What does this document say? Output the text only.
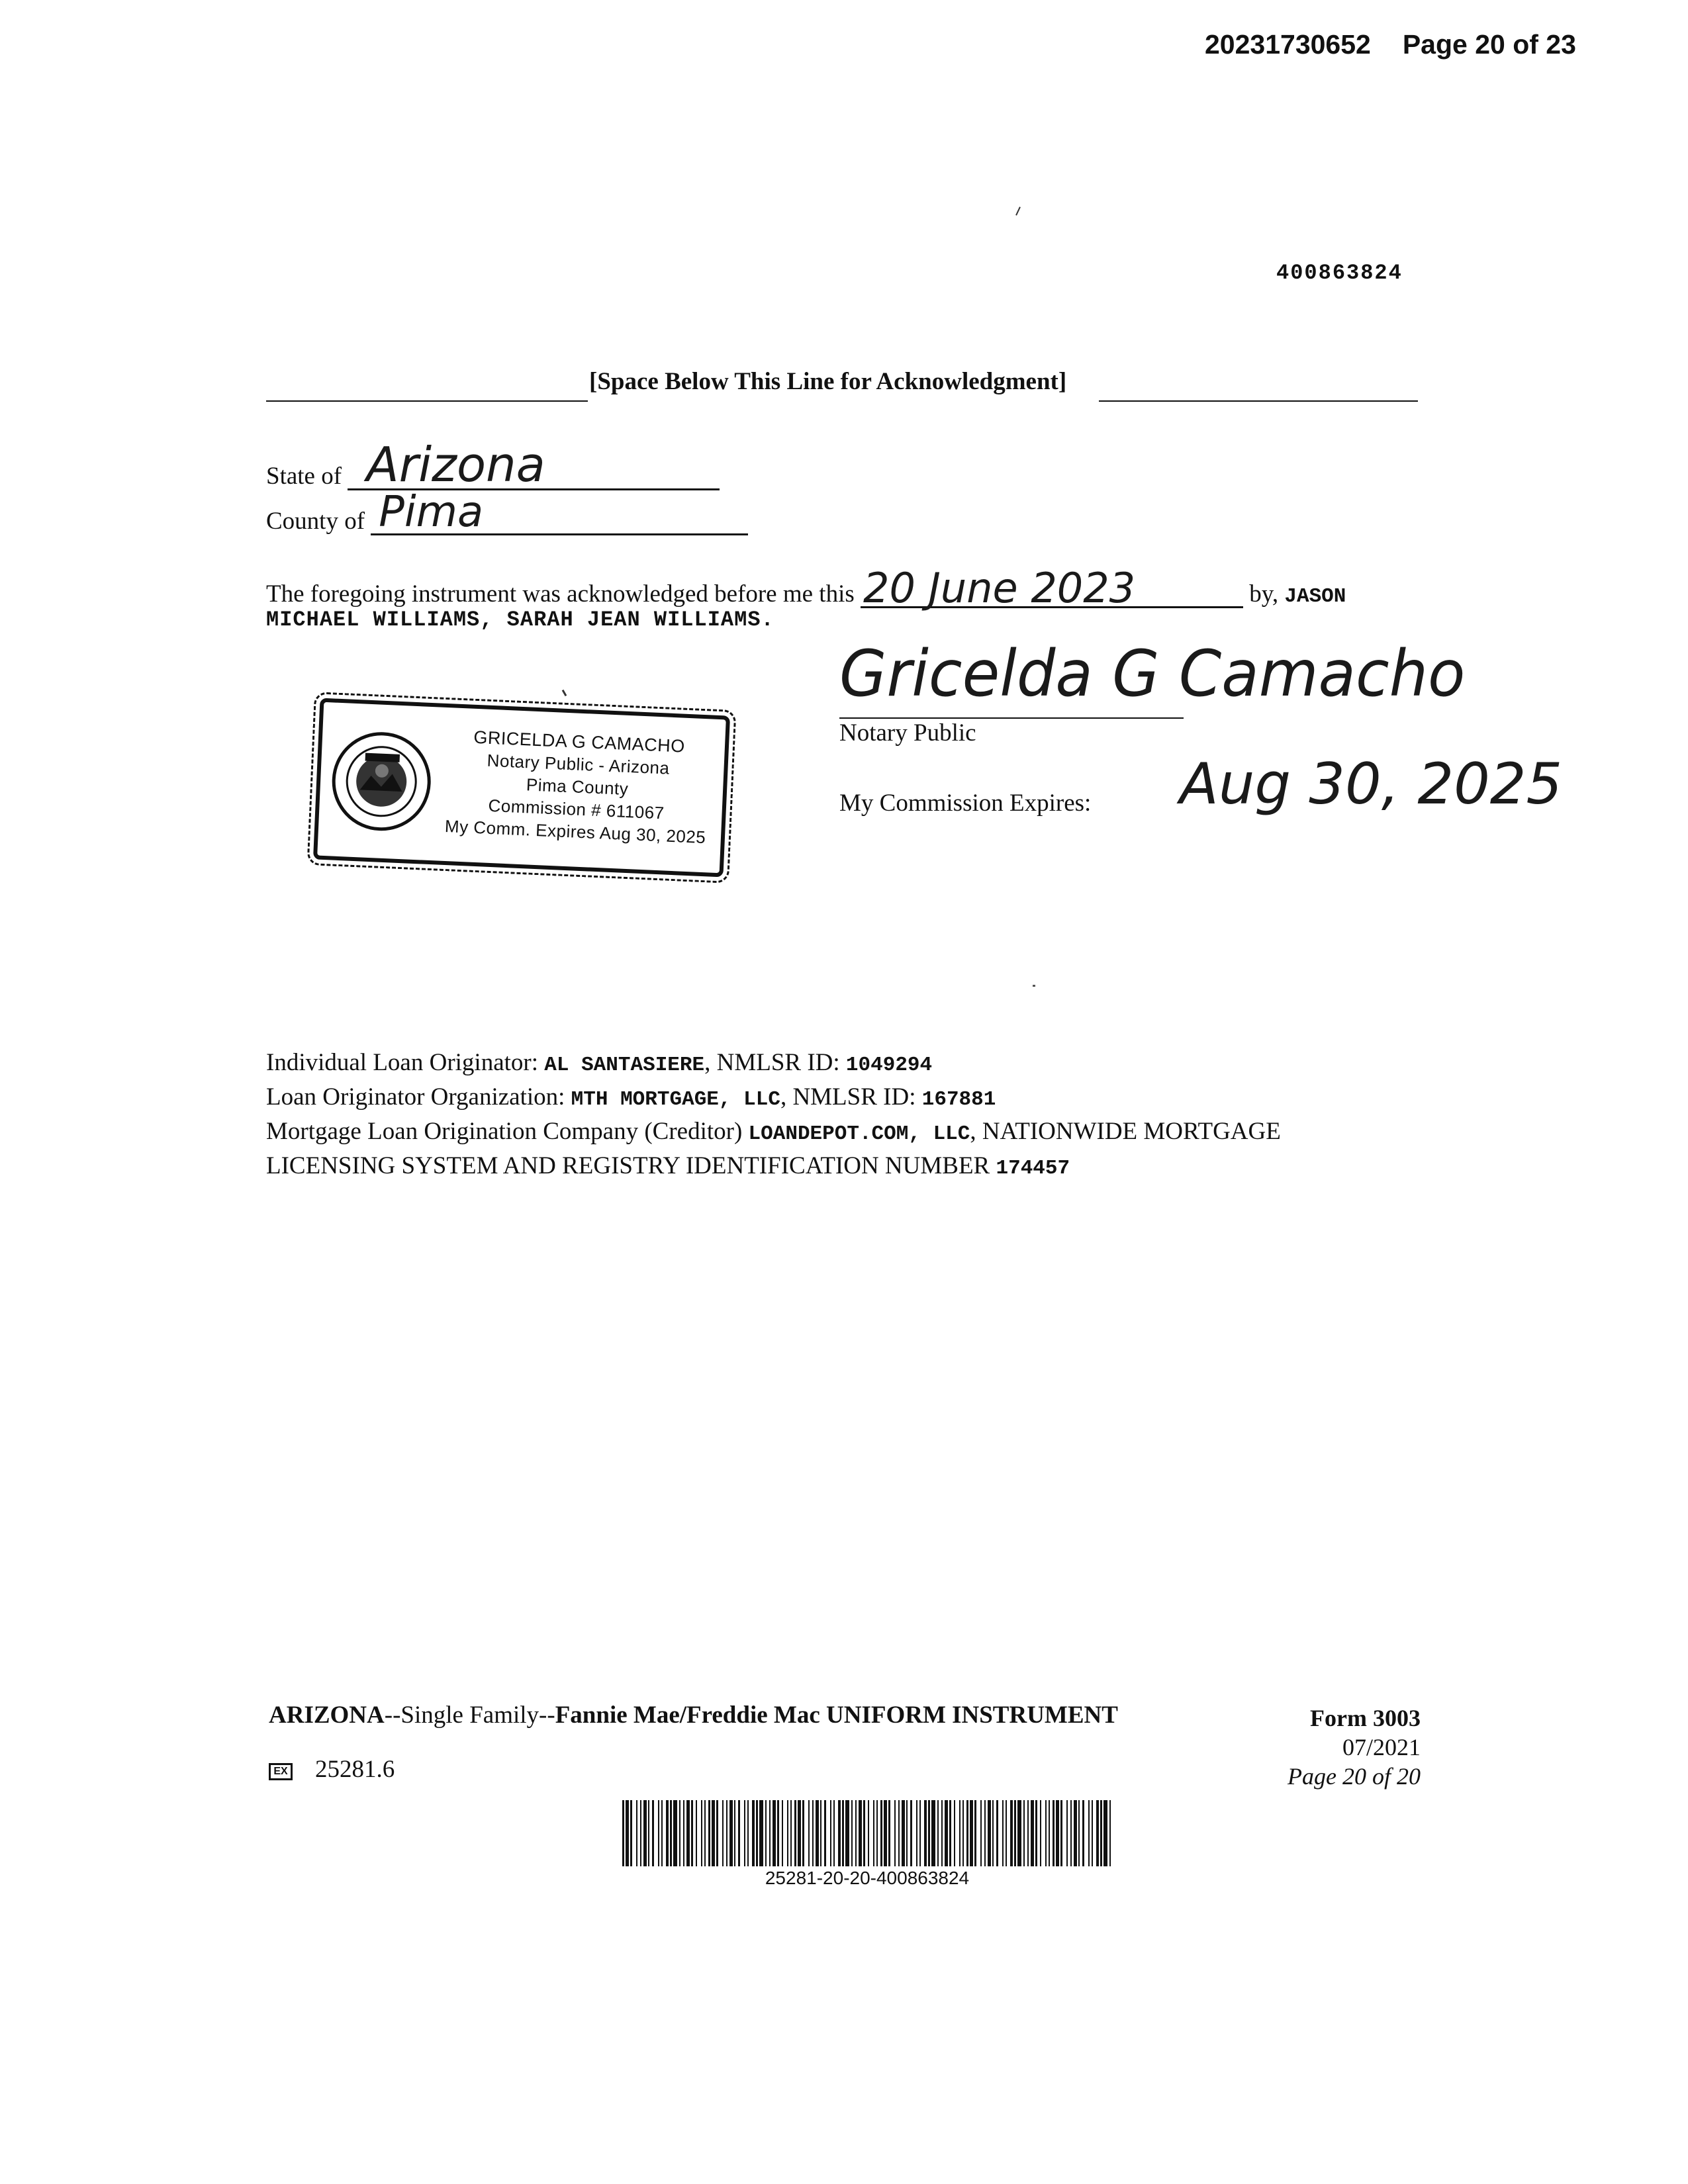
20231730652 Page 20 of 23
400863824
[Space Below This Line for Acknowledgment]
State of Arizona
County of Pima
The foregoing instrument was acknowledged before me this 20 June 2023	by, JASON
MICHAEL WILLIAMS, SARAH JEAN WILLIAMS.
Gricelda G Camacho
Notary Public
My Commission Expires: Aug 30, 2025
GRICELDA G CAMACHO
Notary Public - Arizona
Pima County
Commission # 611067
My Comm. Expires Aug 30, 2025
Individual Loan Originator: AL SANTASIERE, NMLSR ID: 1049294
Loan Originator Organization: MTH MORTGAGE, LLC, NMLSR ID: 167881
Mortgage Loan Origination Company (Creditor) LOANDEPOT.COM, LLC, NATIONWIDE MORTGAGE
LICENSING SYSTEM AND REGISTRY IDENTIFICATION NUMBER 174457
ARIZONA--Single Family--Fannie Mae/Freddie Mac UNIFORM INSTRUMENT	Form 3003
07/2021
Page 20 of 20
EX 25281.6
25281-20-20-400863824
